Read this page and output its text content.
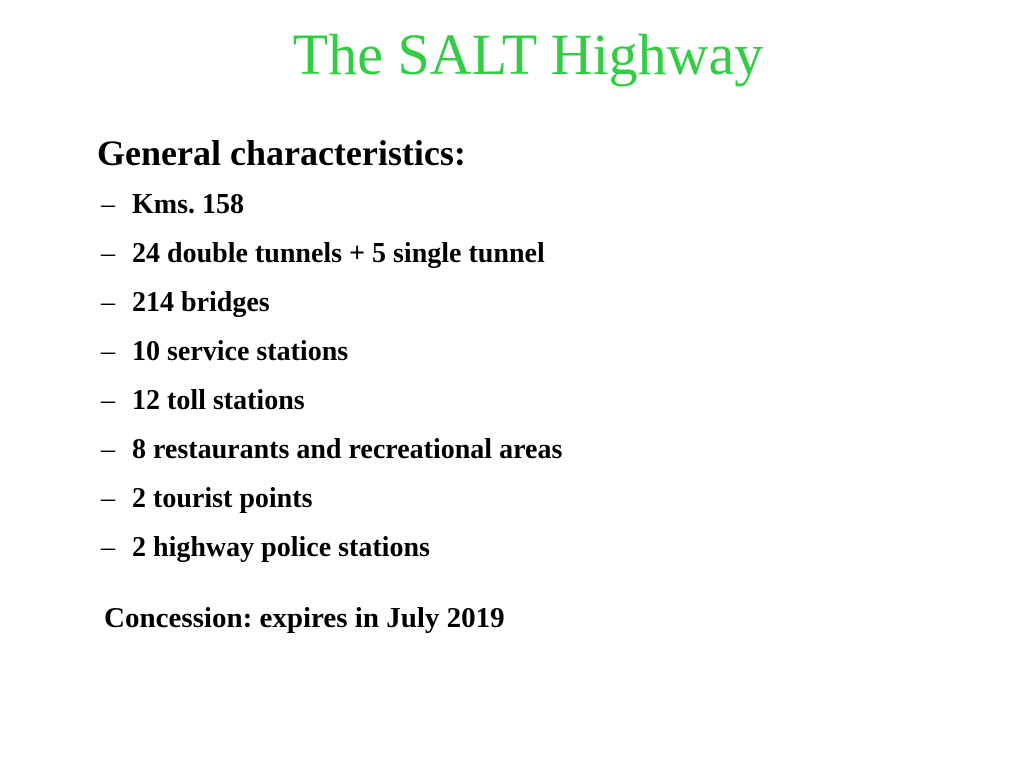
The SALT Highway
General characteristics:
– Kms. 158
– 24 double tunnels + 5 single tunnel
– 214 bridges
– 10 service stations
– 12 toll stations
– 8 restaurants and recreational areas
– 2 tourist points
– 2 highway police stations

Concession: expires in July 2019
